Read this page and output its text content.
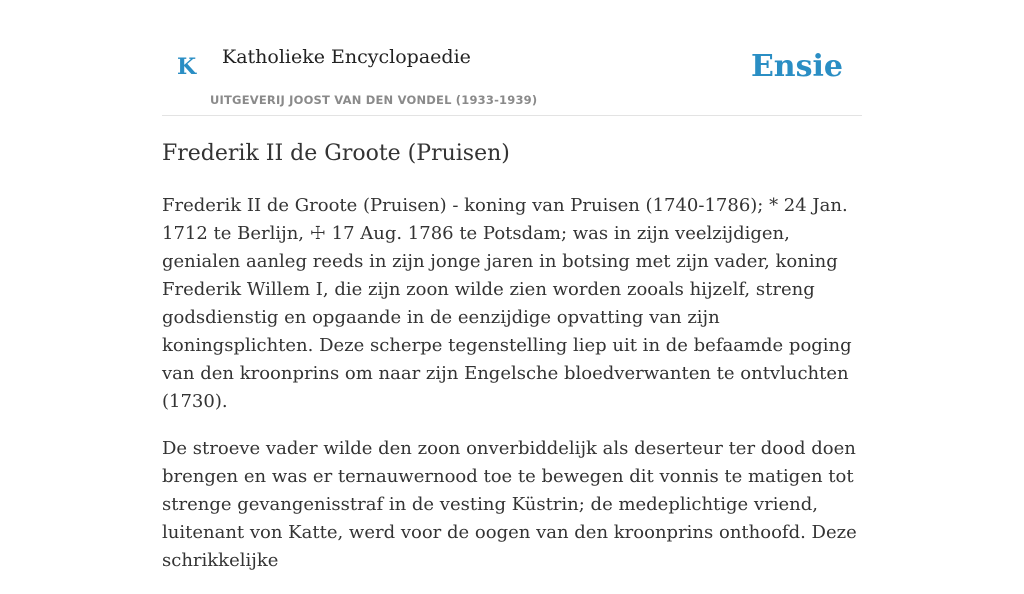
K Katholieke Encyclopaedie
UITGEVERIJ JOOST VAN DEN VONDEL (1933-1939)
Ensie
Frederik II de Groote (Pruisen)

Frederik II de Groote (Pruisen) - koning van Pruisen (1740-1786); * 24 Jan. 1712 te Berlijn, ☩ 17 Aug. 1786 te Potsdam; was in zijn veelzijdigen, genialen aanleg reeds in zijn jonge jaren in botsing met zijn vader, koning Frederik Willem I, die zijn zoon wilde zien worden zooals hijzelf, streng godsdienstig en opgaande in de eenzijdige opvatting van zijn koningsplichten. Deze scherpe tegenstelling liep uit in de befaamde poging van den kroonprins om naar zijn Engelsche bloedverwanten te ontvluchten (1730).

De stroeve vader wilde den zoon onverbiddelijk als deserteur ter dood doen brengen en was er ternauwernood toe te bewegen dit vonnis te matigen tot strenge gevangenisstraf in de vesting Küstrin; de medeplichtige vriend, luitenant von Katte, werd voor de oogen van den kroonprins onthoofd. Deze schrikkelijke
